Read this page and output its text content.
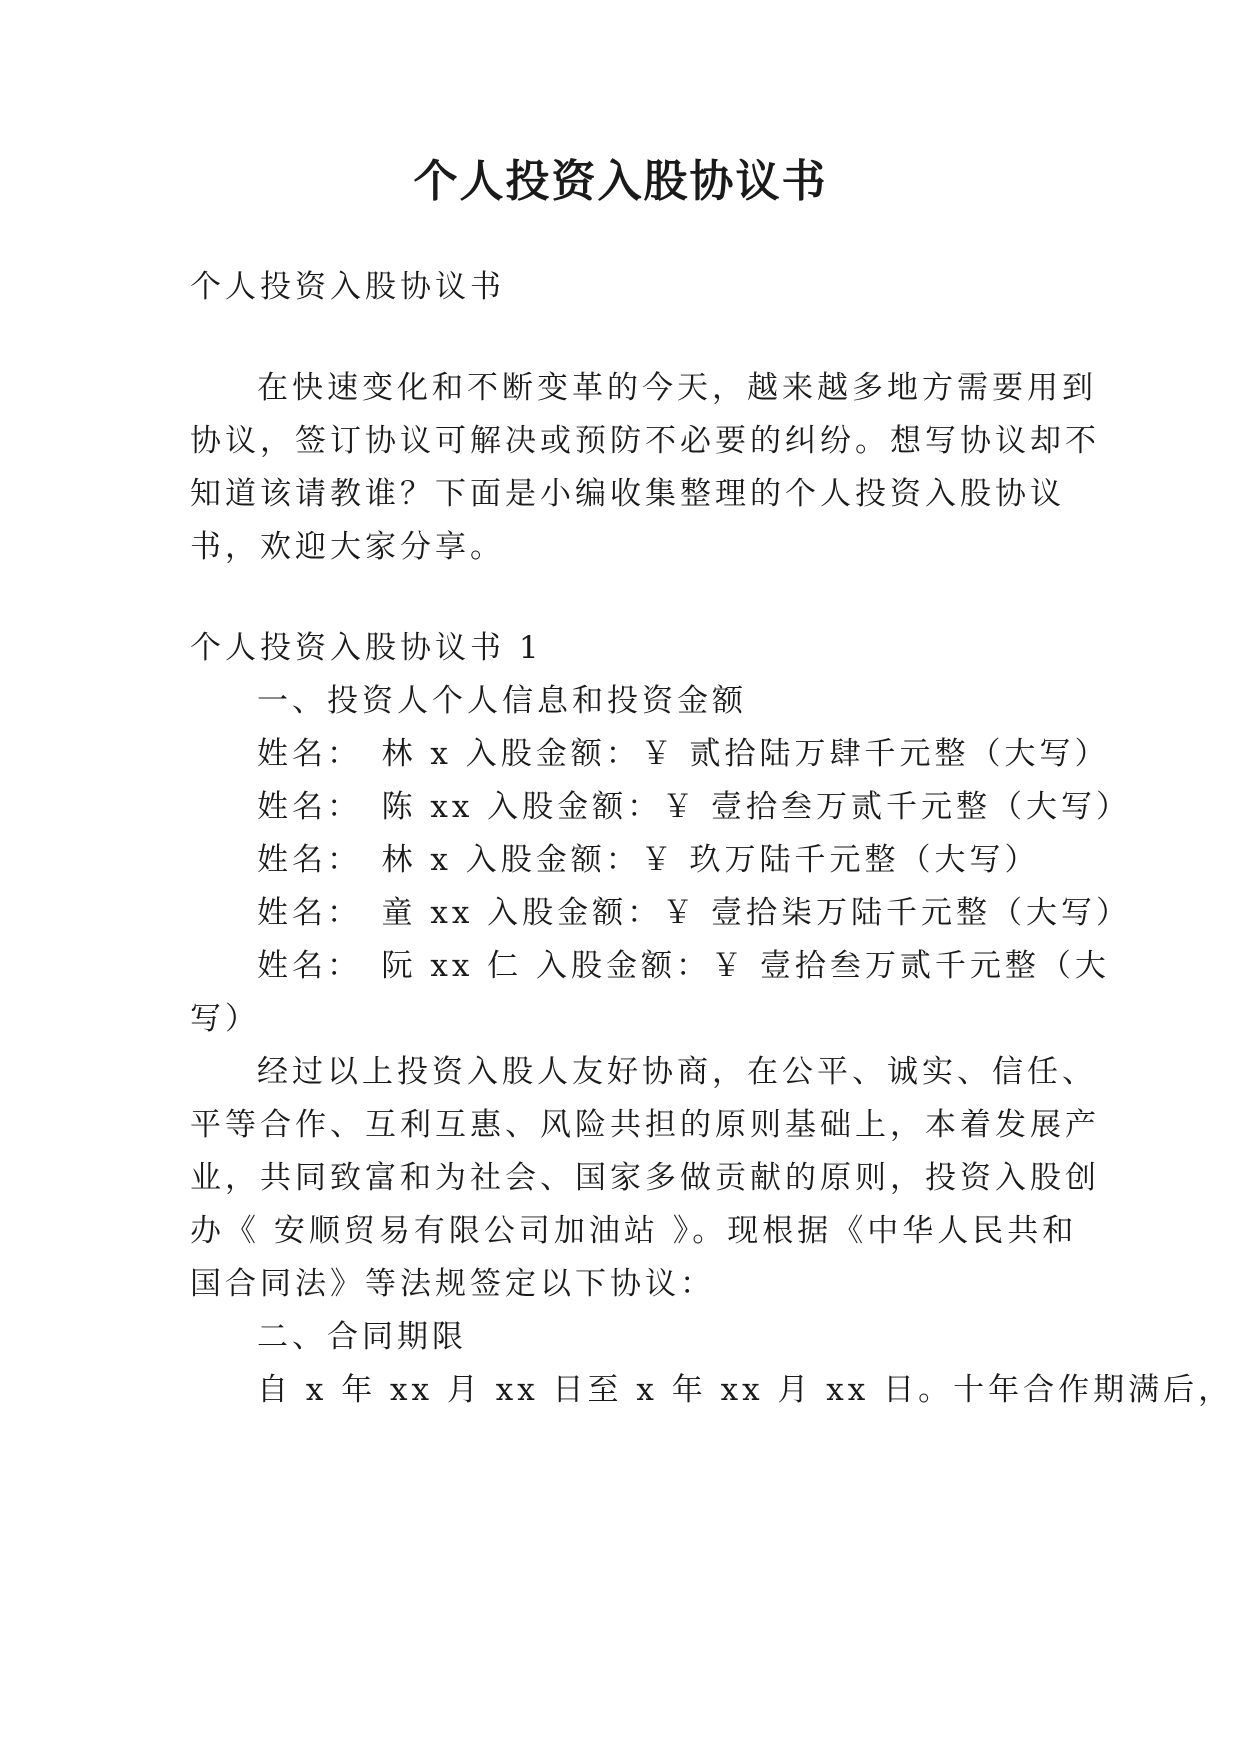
个人投资入股协议书
个人投资入股协议书
在快速变化和不断变革的今天，越来越多地方需要用到
协议，签订协议可解决或预防不必要的纠纷。想写协议却不
知道该请教谁？下面是小编收集整理的个人投资入股协议
书，欢迎大家分享。
个人投资入股协议书 1
一、投资人个人信息和投资金额
姓名：　林 x 入股金额：￥ 贰拾陆万肆千元整（大写）
姓名：　陈 xx 入股金额：￥ 壹拾叁万贰千元整（大写）
姓名：　林 x 入股金额：￥ 玖万陆千元整（大写）
姓名：　童 xx 入股金额：￥ 壹拾柒万陆千元整（大写）
姓名：　阮 xx 仁 入股金额：￥ 壹拾叁万贰千元整（大
写）
经过以上投资入股人友好协商，在公平、诚实、信任、
平等合作、互利互惠、风险共担的原则基础上，本着发展产
业，共同致富和为社会、国家多做贡献的原则，投资入股创
办《 安顺贸易有限公司加油站 》。现根据《中华人民共和
国合同法》等法规签定以下协议：
二、合同期限
自 x 年 xx 月 xx 日至 x 年 xx 月 xx 日。十年合作期满后，
